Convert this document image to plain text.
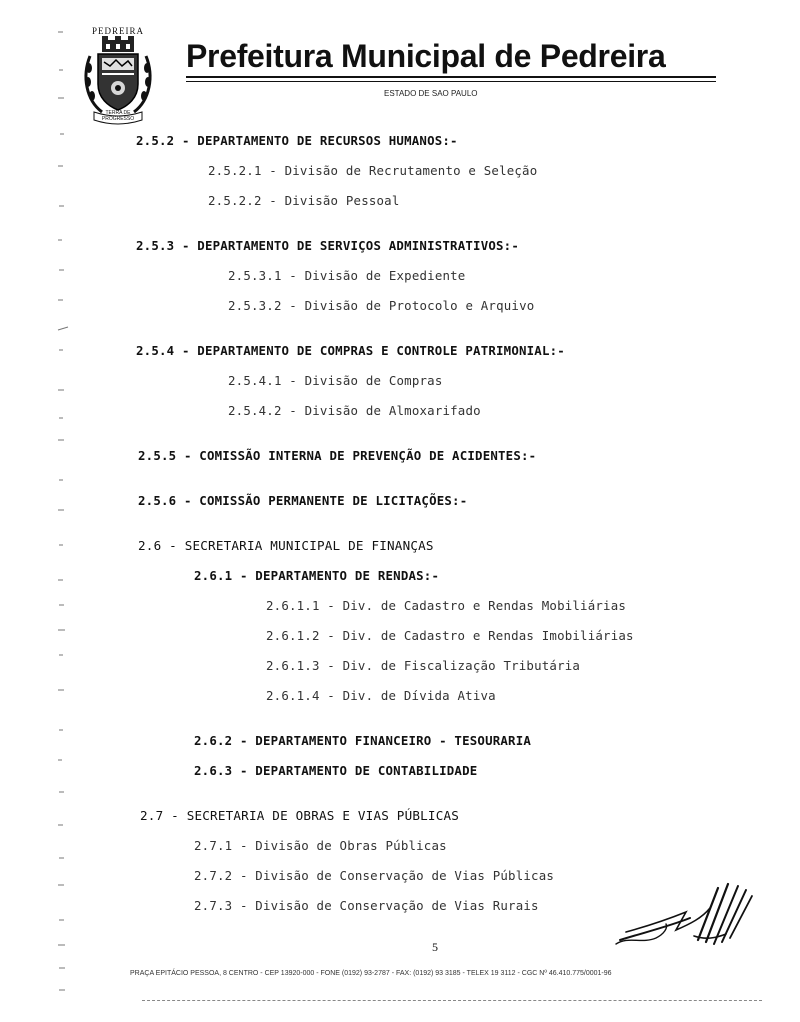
PEDREIRA
TERRA DE PROGRESSO
Prefeitura Municipal de Pedreira
ESTADO DE SAO PAULO
2.5.2 - DEPARTAMENTO DE RECURSOS HUMANOS:-
2.5.2.1 - Divisão de Recrutamento e Seleção
2.5.2.2 - Divisão Pessoal
2.5.3 - DEPARTAMENTO DE SERVIÇOS ADMINISTRATIVOS:-
2.5.3.1 - Divisão de Expediente
2.5.3.2 - Divisão de Protocolo e Arquivo
2.5.4 - DEPARTAMENTO DE COMPRAS E CONTROLE PATRIMONIAL:-
2.5.4.1 - Divisão de Compras
2.5.4.2 - Divisão de Almoxarifado
2.5.5 - COMISSÃO INTERNA DE PREVENÇÃO DE ACIDENTES:-
2.5.6 - COMISSÃO PERMANENTE DE LICITAÇÕES:-
2.6 - SECRETARIA MUNICIPAL DE FINANÇAS
2.6.1 - DEPARTAMENTO DE RENDAS:-
2.6.1.1 - Div. de Cadastro e Rendas Mobiliárias
2.6.1.2 - Div. de Cadastro e Rendas Imobiliárias
2.6.1.3 - Div. de Fiscalização Tributária
2.6.1.4 - Div. de Dívida Ativa
2.6.2 - DEPARTAMENTO FINANCEIRO - TESOURARIA
2.6.3 - DEPARTAMENTO DE CONTABILIDADE
2.7 - SECRETARIA DE OBRAS E VIAS PÚBLICAS
2.7.1 - Divisão de Obras Públicas
2.7.2 - Divisão de Conservação de Vias Públicas
2.7.3 - Divisão de Conservação de Vias Rurais
5
PRAÇA EPITÁCIO PESSOA, 8 CENTRO - CEP 13920-000 - FONE (0192) 93-2787 - FAX: (0192) 93 3185 - TELEX 19 3112 - CGC Nº 46.410.775/0001-96
